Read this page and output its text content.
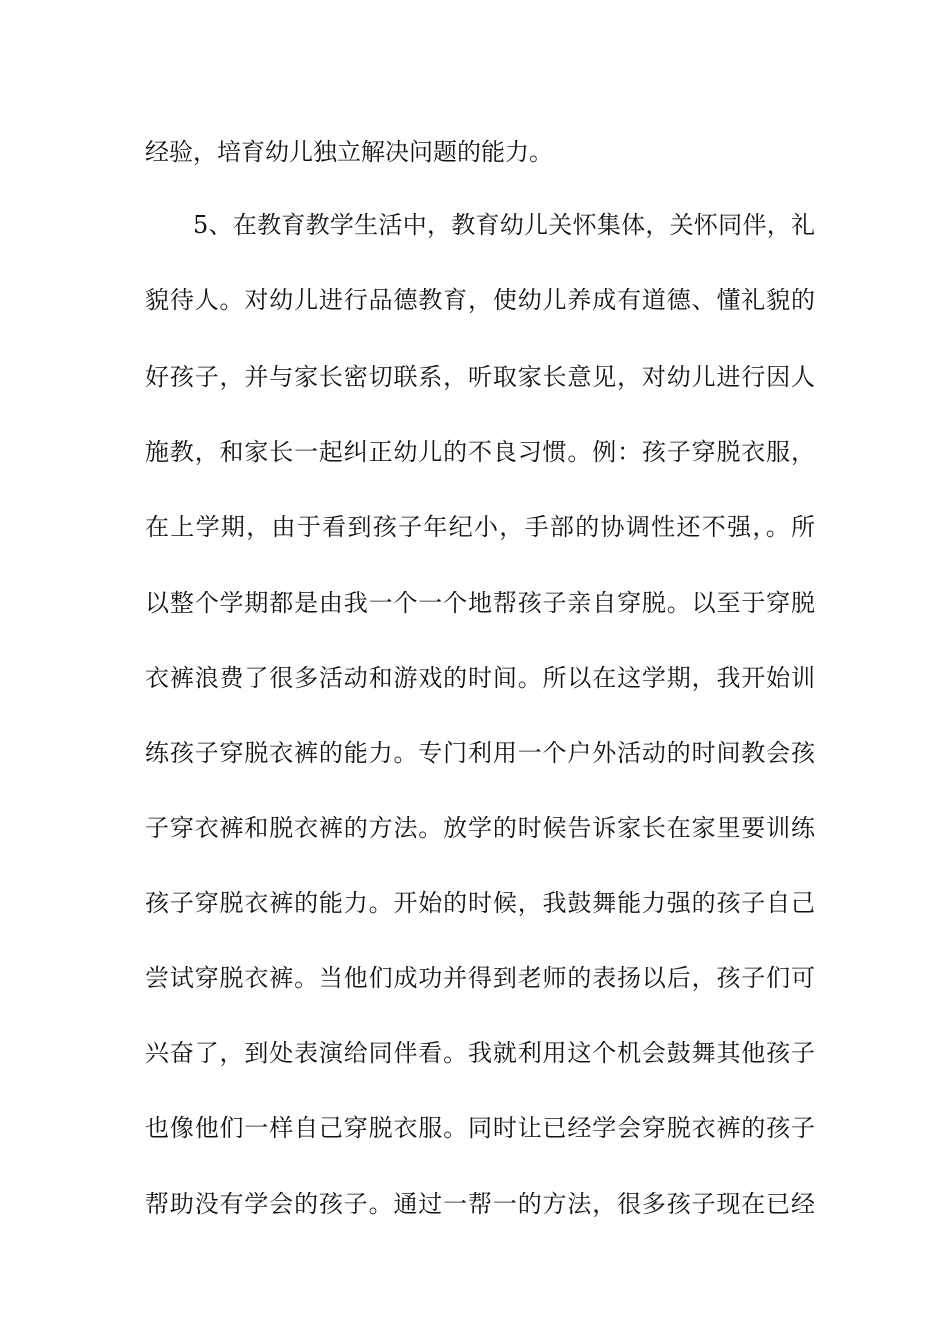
经验，培育幼儿独立解决问题的能力。
5、在教育教学生活中，教育幼儿关怀集体，关怀同伴，礼
貌待人。对幼儿进行品德教育，使幼儿养成有道德、懂礼貌的
好孩子，并与家长密切联系，听取家长意见，对幼儿进行因人
施教，和家长一起纠正幼儿的不良习惯。例：孩子穿脱衣服，
在上学期，由于看到孩子年纪小，手部的协调性还不强，。所
以整个学期都是由我一个一个地帮孩子亲自穿脱。以至于穿脱
衣裤浪费了很多活动和游戏的时间。所以在这学期，我开始训
练孩子穿脱衣裤的能力。专门利用一个户外活动的时间教会孩
子穿衣裤和脱衣裤的方法。放学的时候告诉家长在家里要训练
孩子穿脱衣裤的能力。开始的时候，我鼓舞能力强的孩子自己
尝试穿脱衣裤。当他们成功并得到老师的表扬以后，孩子们可
兴奋了，到处表演给同伴看。我就利用这个机会鼓舞其他孩子
也像他们一样自己穿脱衣服。同时让已经学会穿脱衣裤的孩子
帮助没有学会的孩子。通过一帮一的方法，很多孩子现在已经
